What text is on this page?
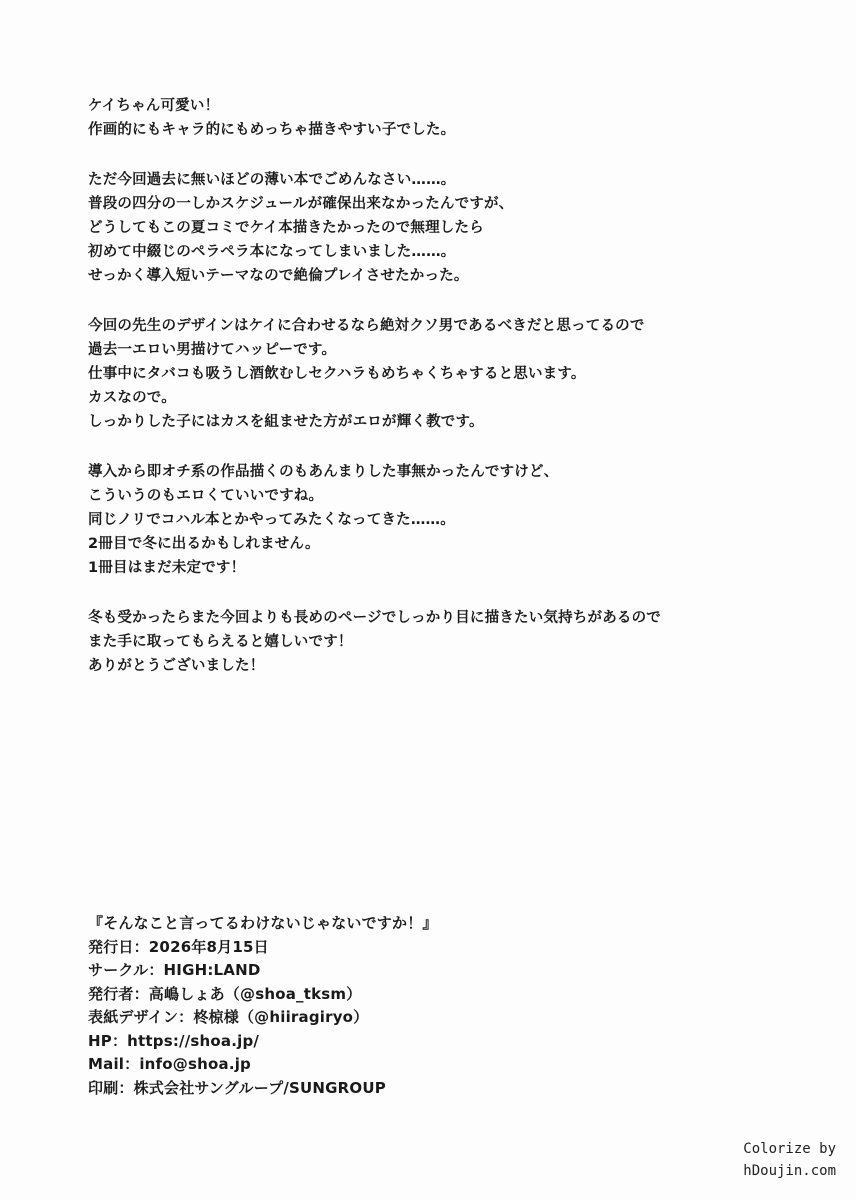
ケイちゃん可愛い！
作画的にもキャラ的にもめっちゃ描きやすい子でした。
ただ今回過去に無いほどの薄い本でごめんなさい……。
普段の四分の一しかスケジュールが確保出来なかったんですが、
どうしてもこの夏コミでケイ本描きたかったので無理したら
初めて中綴じのペラペラ本になってしまいました……。
せっかく導入短いテーマなので絶倫プレイさせたかった。
今回の先生のデザインはケイに合わせるなら絶対クソ男であるべきだと思ってるので
過去一エロい男描けてハッピーです。
仕事中にタバコも吸うし酒飲むしセクハラもめちゃくちゃすると思います。
カスなので。
しっかりした子にはカスを組ませた方がエロが輝く教です。
導入から即オチ系の作品描くのもあんまりした事無かったんですけど、
こういうのもエロくていいですね。
同じノリでコハル本とかやってみたくなってきた……。
2冊目で冬に出るかもしれません。
1冊目はまだ未定です！
冬も受かったらまた今回よりも長めのページでしっかり目に描きたい気持ちがあるので
また手に取ってもらえると嬉しいです！
ありがとうございました！
『そんなこと言ってるわけないじゃないですか！』
発行日：2026年8月15日
サークル：HIGH:LAND
発行者：高嶋しょあ（@shoa_tksm）
表紙デザイン：柊椋様（@hiiragiryo）
HP：https://shoa.jp/
Mail：info@shoa.jp
印刷：株式会社サングループ/SUNGROUP
Colorize by
hDoujin.com
